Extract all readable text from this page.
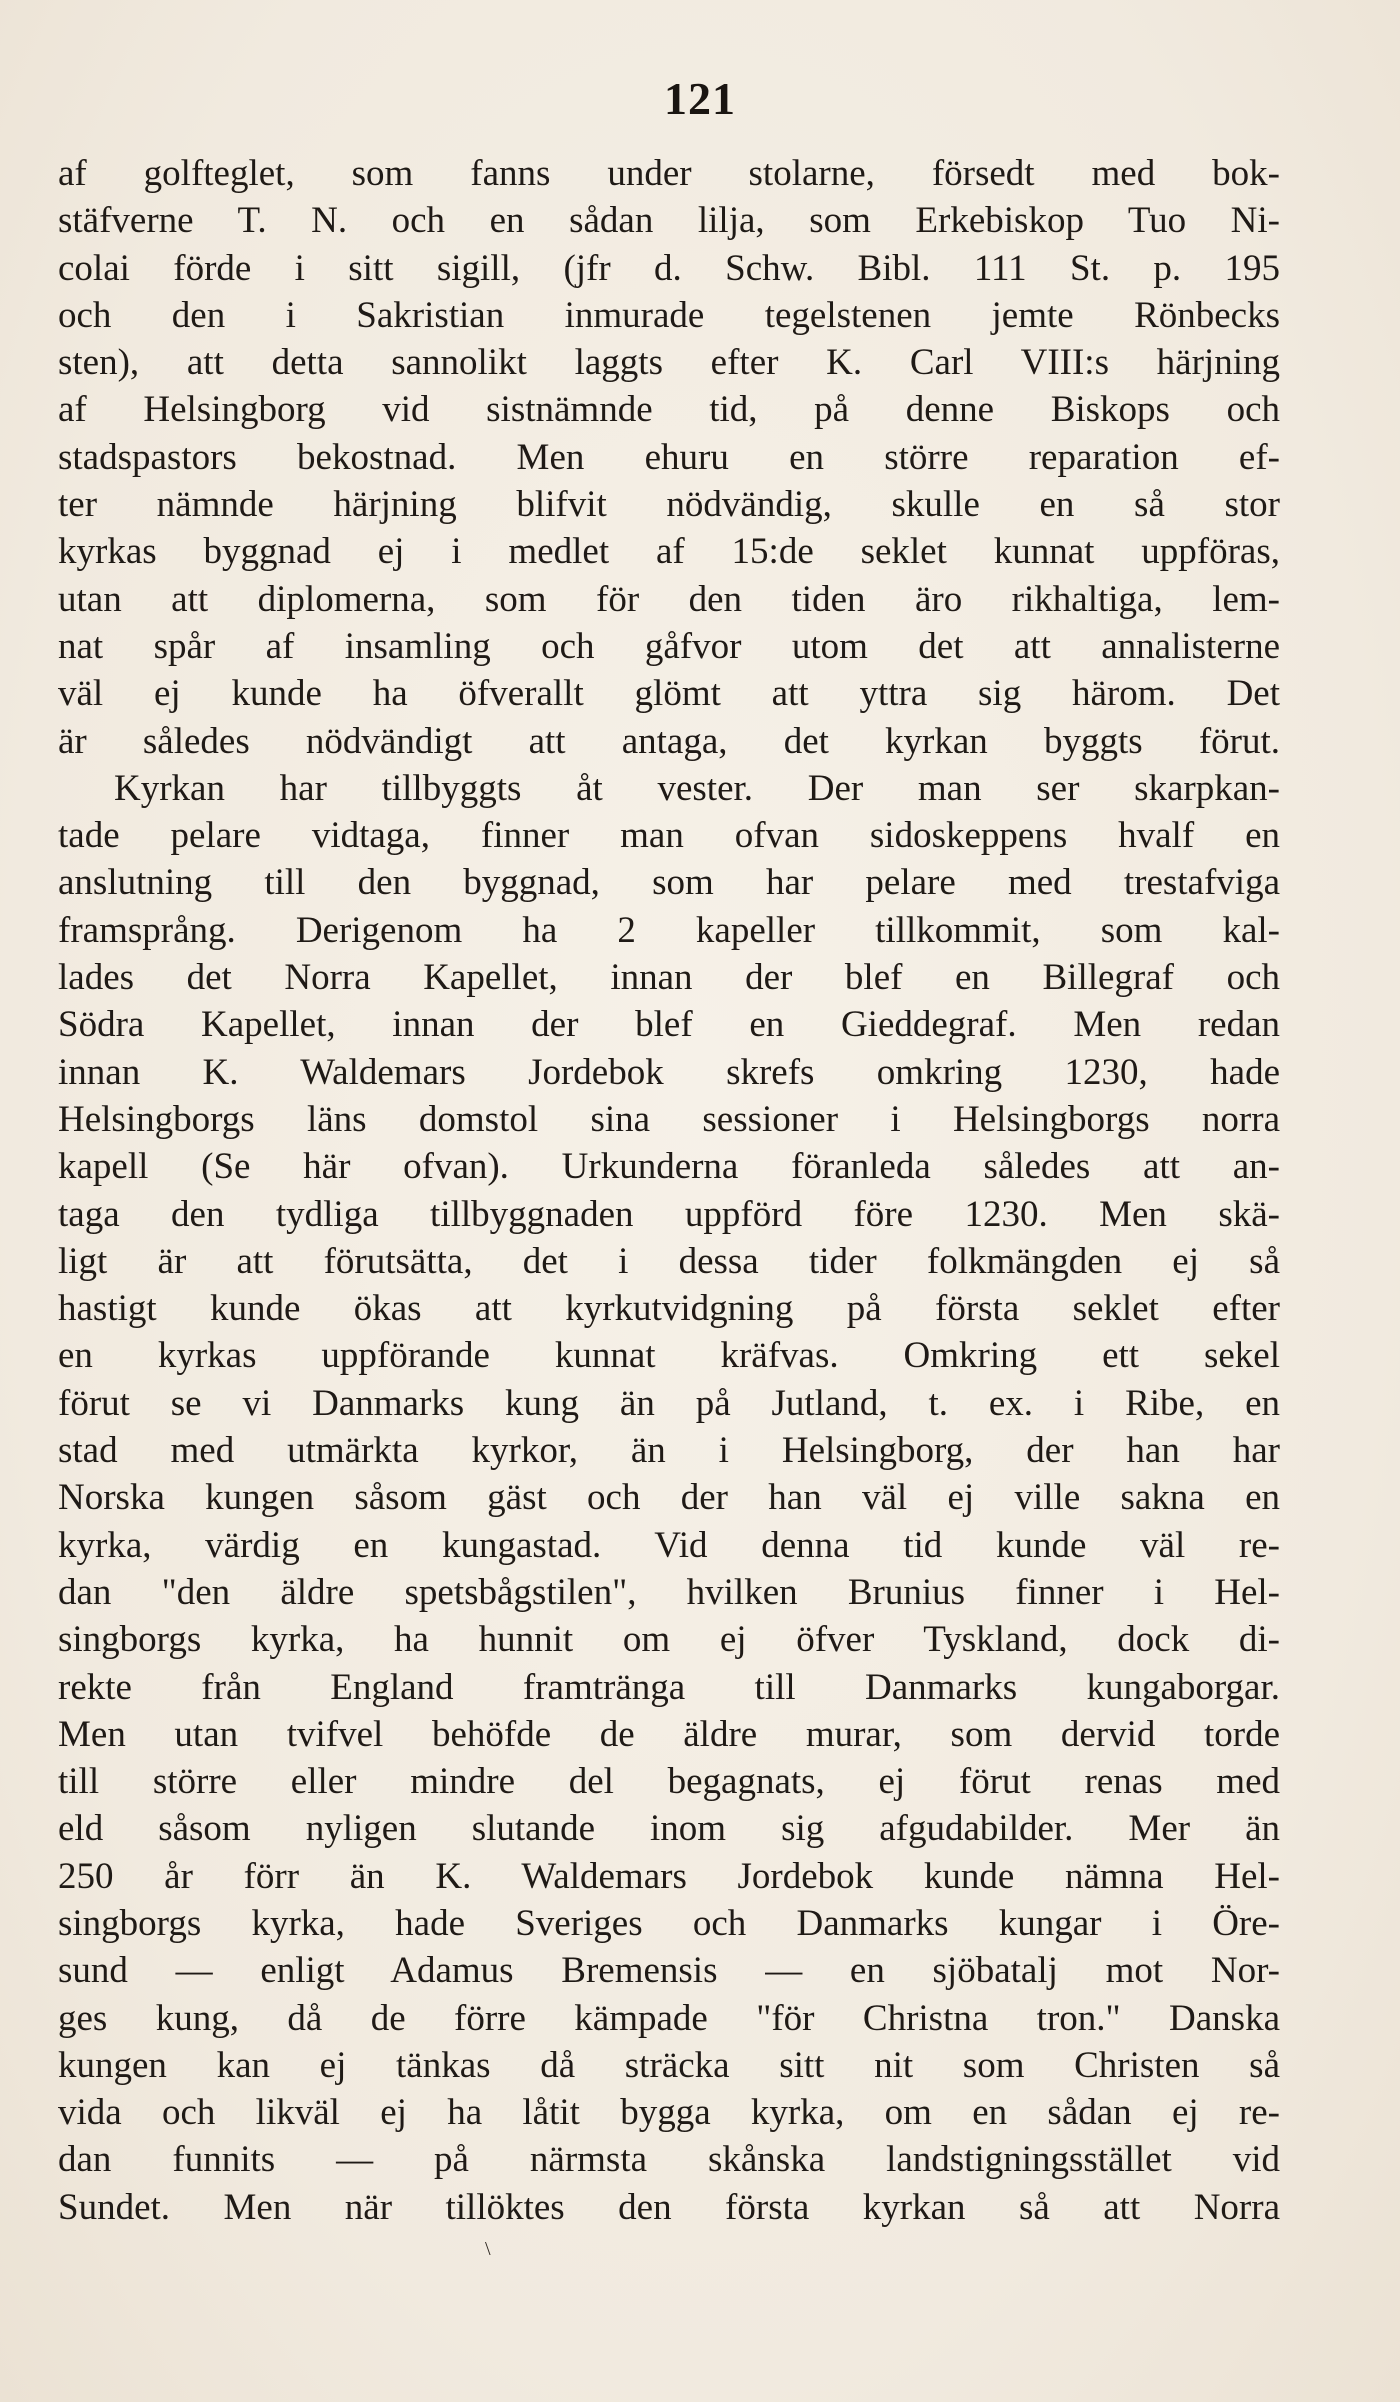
121
af golfteglet, som fanns under stolarne, försedt med bok-
stäfverne T. N. och en sådan lilja, som Erkebiskop Tuo Ni-
colai förde i sitt sigill, (jfr d. Schw. Bibl. 111 St. p. 195
och den i Sakristian inmurade tegelstenen jemte Rönbecks
sten), att detta sannolikt laggts efter K. Carl VIII:s härjning
af Helsingborg vid sistnämnde tid, på denne Biskops och
stadspastors bekostnad. Men ehuru en större reparation ef-
ter nämnde härjning blifvit nödvändig, skulle en så stor
kyrkas byggnad ej i medlet af 15:de seklet kunnat uppföras,
utan att diplomerna, som för den tiden äro rikhaltiga, lem-
nat spår af insamling och gåfvor utom det att annalisterne
väl ej kunde ha öfverallt glömt att yttra sig härom. Det
är således nödvändigt att antaga, det kyrkan byggts förut.
Kyrkan har tillbyggts åt vester. Der man ser skarpkan-
tade pelare vidtaga, finner man ofvan sidoskeppens hvalf en
anslutning till den byggnad, som har pelare med trestafviga
framsprång. Derigenom ha 2 kapeller tillkommit, som kal-
lades det Norra Kapellet, innan der blef en Billegraf och
Södra Kapellet, innan der blef en Gieddegraf. Men redan
innan K. Waldemars Jordebok skrefs omkring 1230, hade
Helsingborgs läns domstol sina sessioner i Helsingborgs norra
kapell (Se här ofvan). Urkunderna föranleda således att an-
taga den tydliga tillbyggnaden uppförd före 1230. Men skä-
ligt är att förutsätta, det i dessa tider folkmängden ej så
hastigt kunde ökas att kyrkutvidgning på första seklet efter
en kyrkas uppförande kunnat kräfvas. Omkring ett sekel
förut se vi Danmarks kung än på Jutland, t. ex. i Ribe, en
stad med utmärkta kyrkor, än i Helsingborg, der han har
Norska kungen såsom gäst och der han väl ej ville sakna en
kyrka, värdig en kungastad. Vid denna tid kunde väl re-
dan "den äldre spetsbågstilen", hvilken Brunius finner i Hel-
singborgs kyrka, ha hunnit om ej öfver Tyskland, dock di-
rekte från England framtränga till Danmarks kungaborgar.
Men utan tvifvel behöfde de äldre murar, som dervid torde
till större eller mindre del begagnats, ej förut renas med
eld såsom nyligen slutande inom sig afgudabilder. Mer än
250 år förr än K. Waldemars Jordebok kunde nämna Hel-
singborgs kyrka, hade Sveriges och Danmarks kungar i Öre-
sund — enligt Adamus Bremensis — en sjöbatalj mot Nor-
ges kung, då de förre kämpade "för Christna tron." Danska
kungen kan ej tänkas då sträcka sitt nit som Christen så
vida och likväl ej ha låtit bygga kyrka, om en sådan ej re-
dan funnits — på närmsta skånska landstigningsstället vid
Sundet. Men när tillöktes den första kyrkan så att Norra
\
